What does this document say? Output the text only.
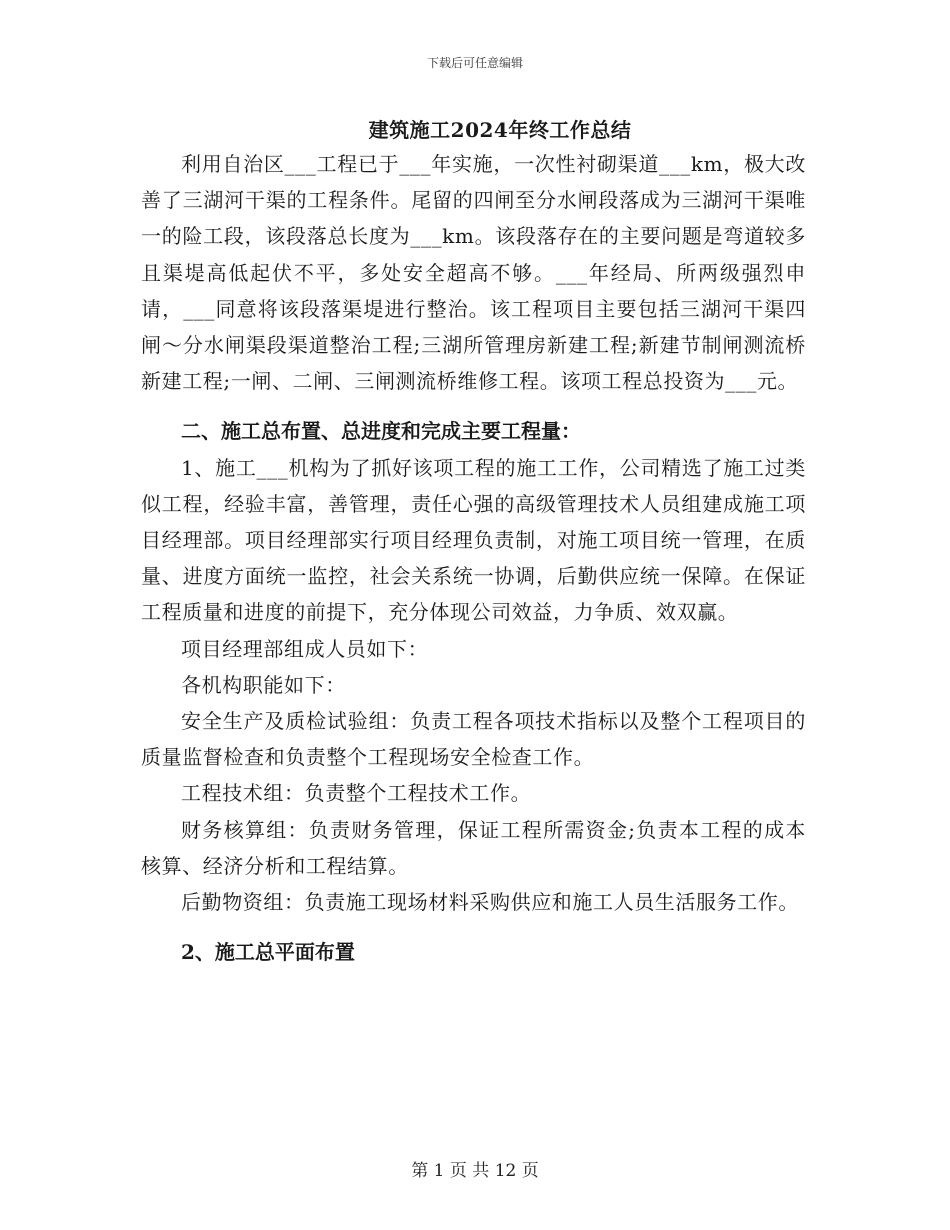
下载后可任意编辑
建筑施工2024年终工作总结

利用自治区___工程已于___年实施，一次性衬砌渠道___km，极大改善了三湖河干渠的工程条件。尾留的四闸至分水闸段落成为三湖河干渠唯一的险工段，该段落总长度为___km。该段落存在的主要问题是弯道较多且渠堤高低起伏不平，多处安全超高不够。___年经局、所两级强烈申请，___同意将该段落渠堤进行整治。该工程项目主要包括三湖河干渠四闸～分水闸渠段渠道整治工程;三湖所管理房新建工程;新建节制闸测流桥新建工程;一闸、二闸、三闸测流桥维修工程。该项工程总投资为___元。

二、施工总布置、总进度和完成主要工程量：

1、施工___机构为了抓好该项工程的施工工作，公司精选了施工过类似工程，经验丰富，善管理，责任心强的高级管理技术人员组建成施工项目经理部。项目经理部实行项目经理负责制，对施工项目统一管理，在质量、进度方面统一监控，社会关系统一协调，后勤供应统一保障。在保证工程质量和进度的前提下，充分体现公司效益，力争质、效双赢。

项目经理部组成人员如下：

各机构职能如下：

安全生产及质检试验组：负责工程各项技术指标以及整个工程项目的质量监督检查和负责整个工程现场安全检查工作。

工程技术组：负责整个工程技术工作。

财务核算组：负责财务管理，保证工程所需资金;负责本工程的成本核算、经济分析和工程结算。

后勤物资组：负责施工现场材料采购供应和施工人员生活服务工作。

2、施工总平面布置

第 1 页 共 12 页
